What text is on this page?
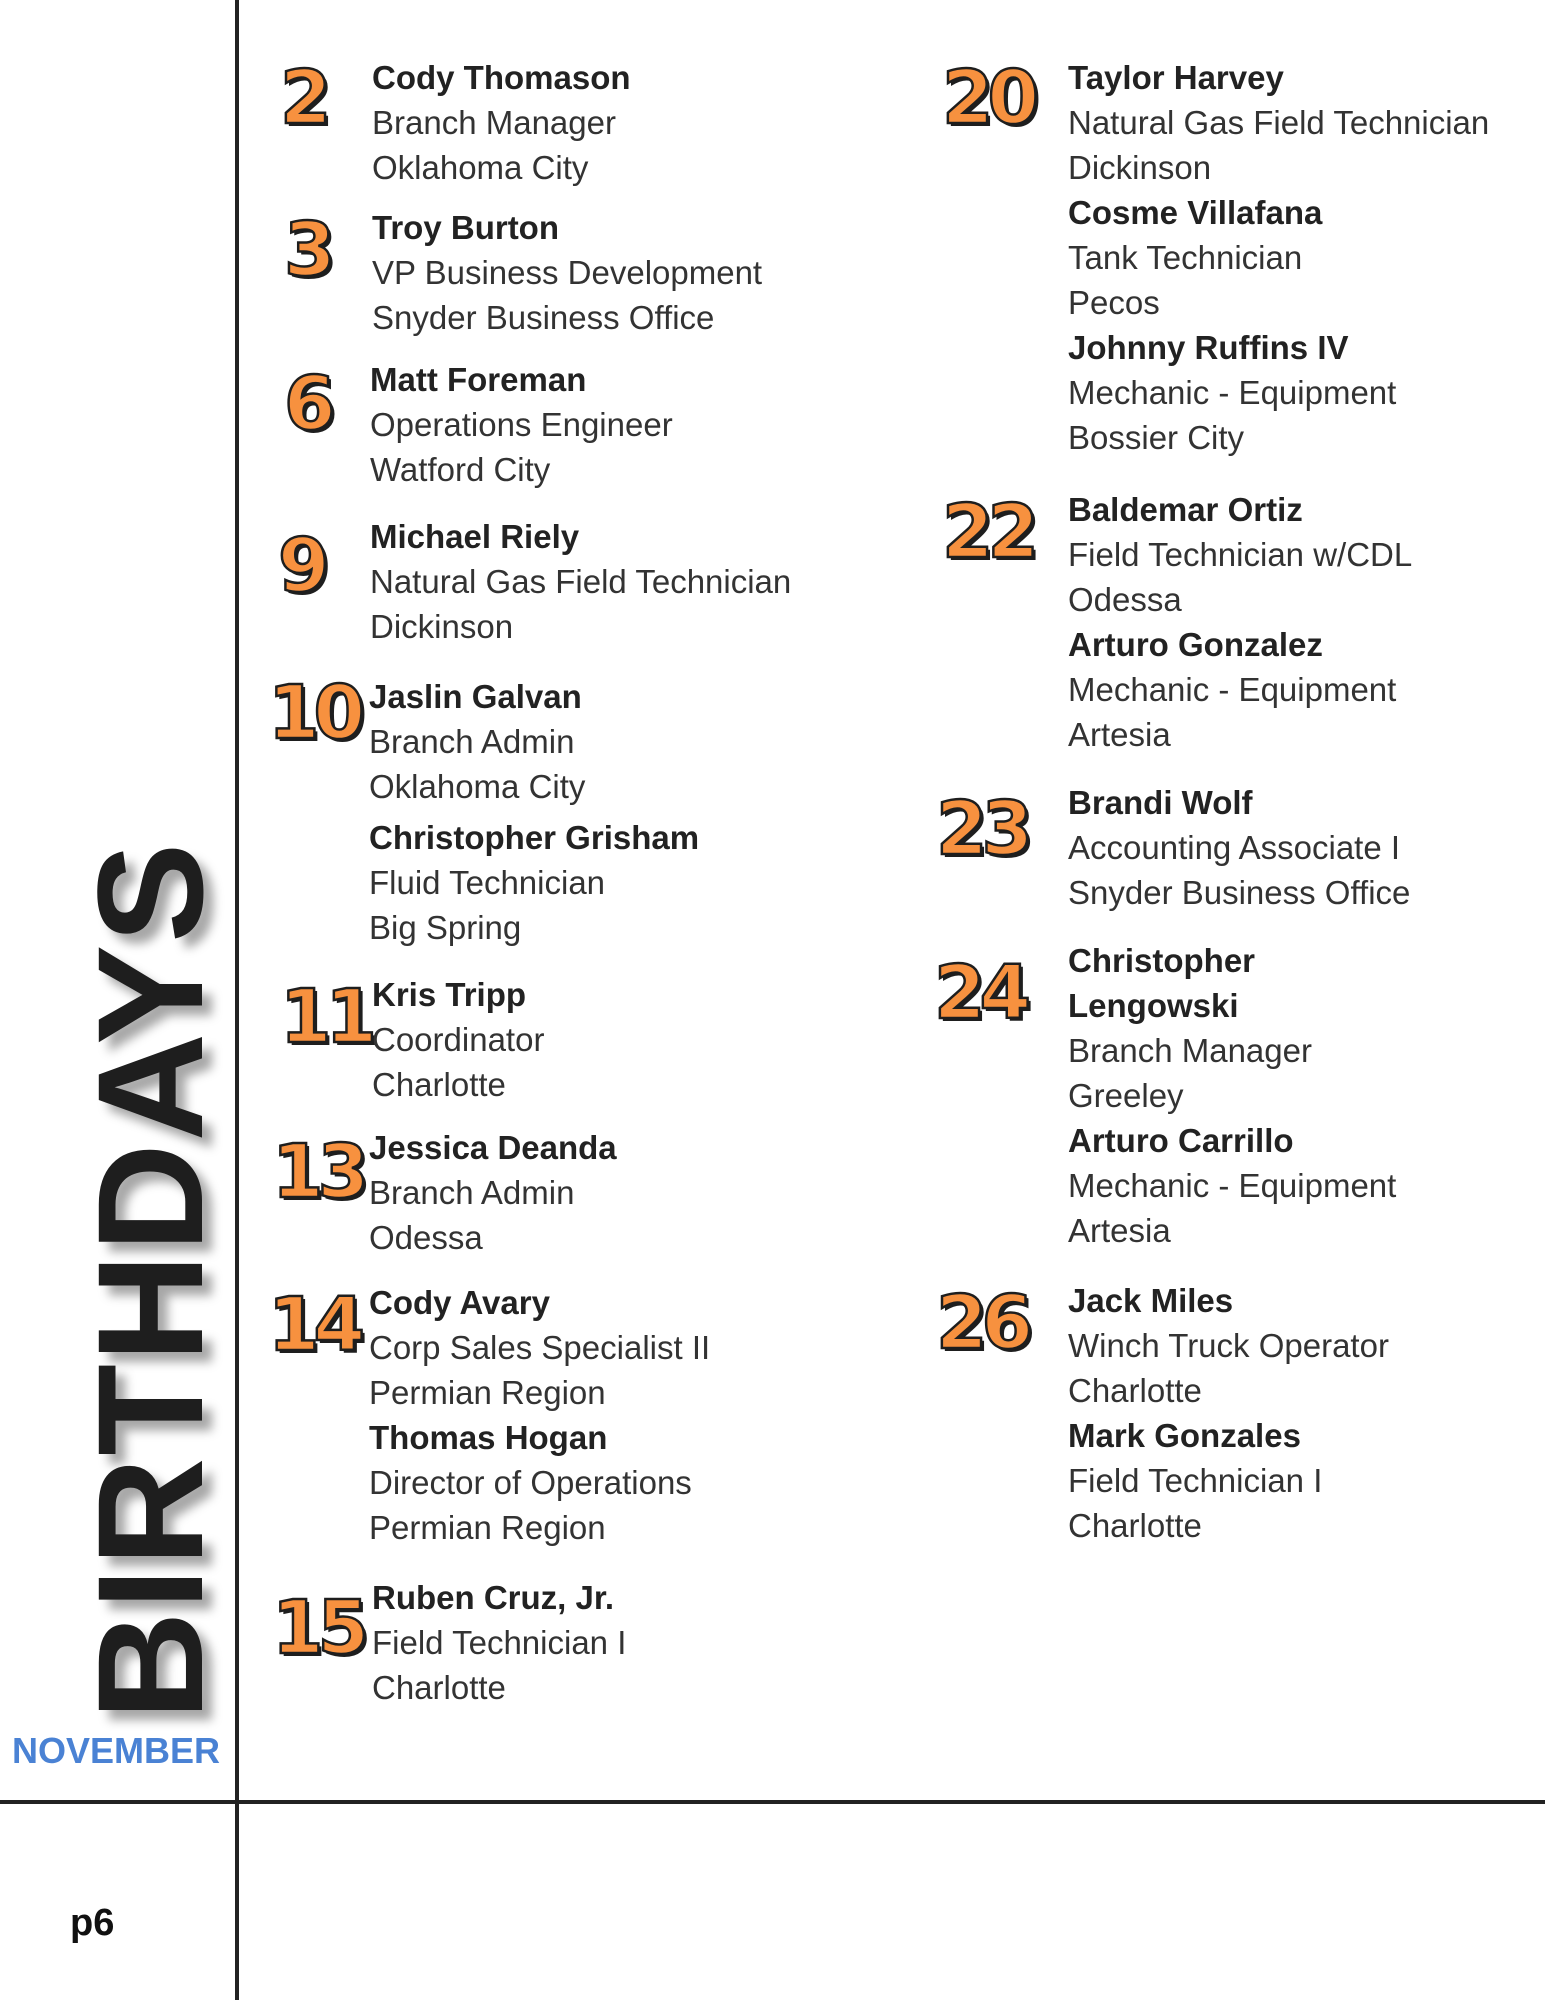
BIRTHDAYS
NOVEMBER
p6
2 Cody Thomason
Branch Manager
Oklahoma City
3 Troy Burton
VP Business Development
Snyder Business Office
6 Matt Foreman
Operations Engineer
Watford City
9 Michael Riely
Natural Gas Field Technician
Dickinson
10 Jaslin Galvan
Branch Admin
Oklahoma City
Christopher Grisham
Fluid Technician
Big Spring
11 Kris Tripp
Coordinator
Charlotte
13 Jessica Deanda
Branch Admin
Odessa
14 Cody Avary
Corp Sales Specialist II
Permian Region
Thomas Hogan
Director of Operations
Permian Region
15 Ruben Cruz, Jr.
Field Technician I
Charlotte
20 Taylor Harvey
Natural Gas Field Technician
Dickinson
Cosme Villafana
Tank Technician
Pecos
Johnny Ruffins IV
Mechanic - Equipment
Bossier City
22 Baldemar Ortiz
Field Technician w/CDL
Odessa
Arturo Gonzalez
Mechanic - Equipment
Artesia
23 Brandi Wolf
Accounting Associate I
Snyder Business Office
24 Christopher Lengowski
Branch Manager
Greeley
Arturo Carrillo
Mechanic - Equipment
Artesia
26 Jack Miles
Winch Truck Operator
Charlotte
Mark Gonzales
Field Technician I
Charlotte
